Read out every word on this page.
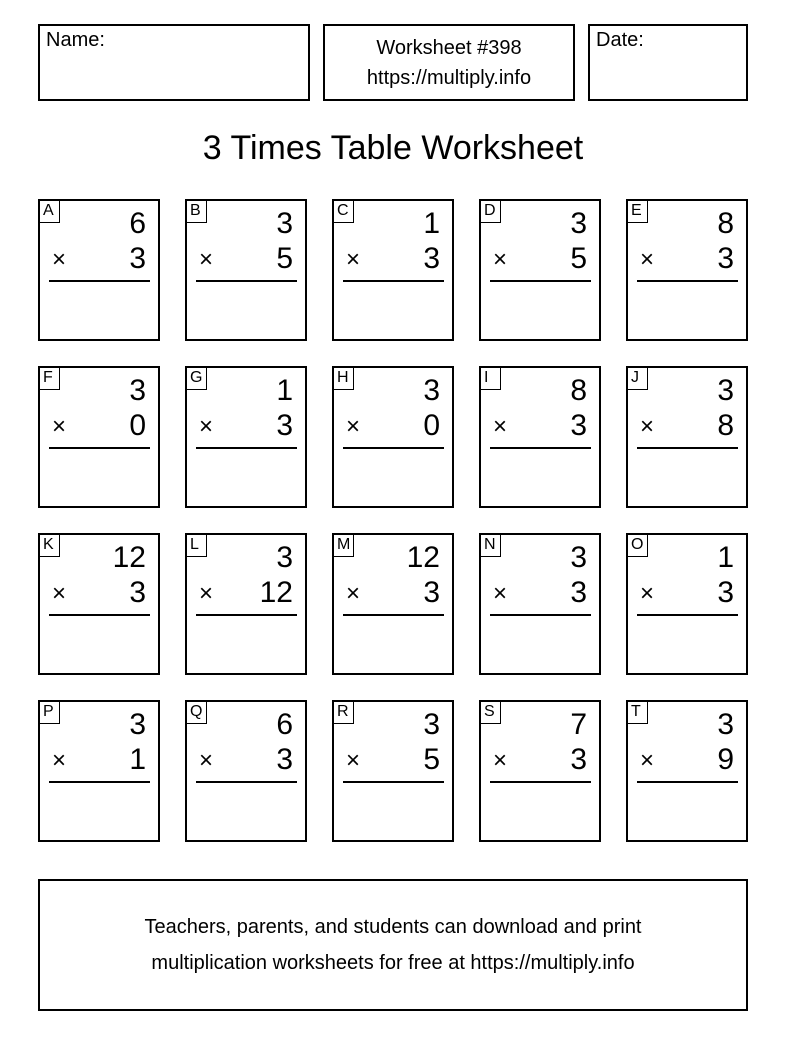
Name:	Worksheet #398
https://multiply.info
Date:
3 Times Table Worksheet
A	6
× 3
B	3
× 5
C 1
× 3
D 3
× 5
E	8
× 3
F	3
× 0
G 1
× 3
H 3
× 0
I	8
× 3
J	3
× 8
K 12
× 3
L	3
× 12
M 12
× 3
N 3
× 3
O 1
× 3
P	3
× 1
Q 6
× 3
R 3
× 5
S	7
× 3
T	3
× 9
Teachers, parents, and students can download and print
multiplication worksheets for free at https://multiply.info
